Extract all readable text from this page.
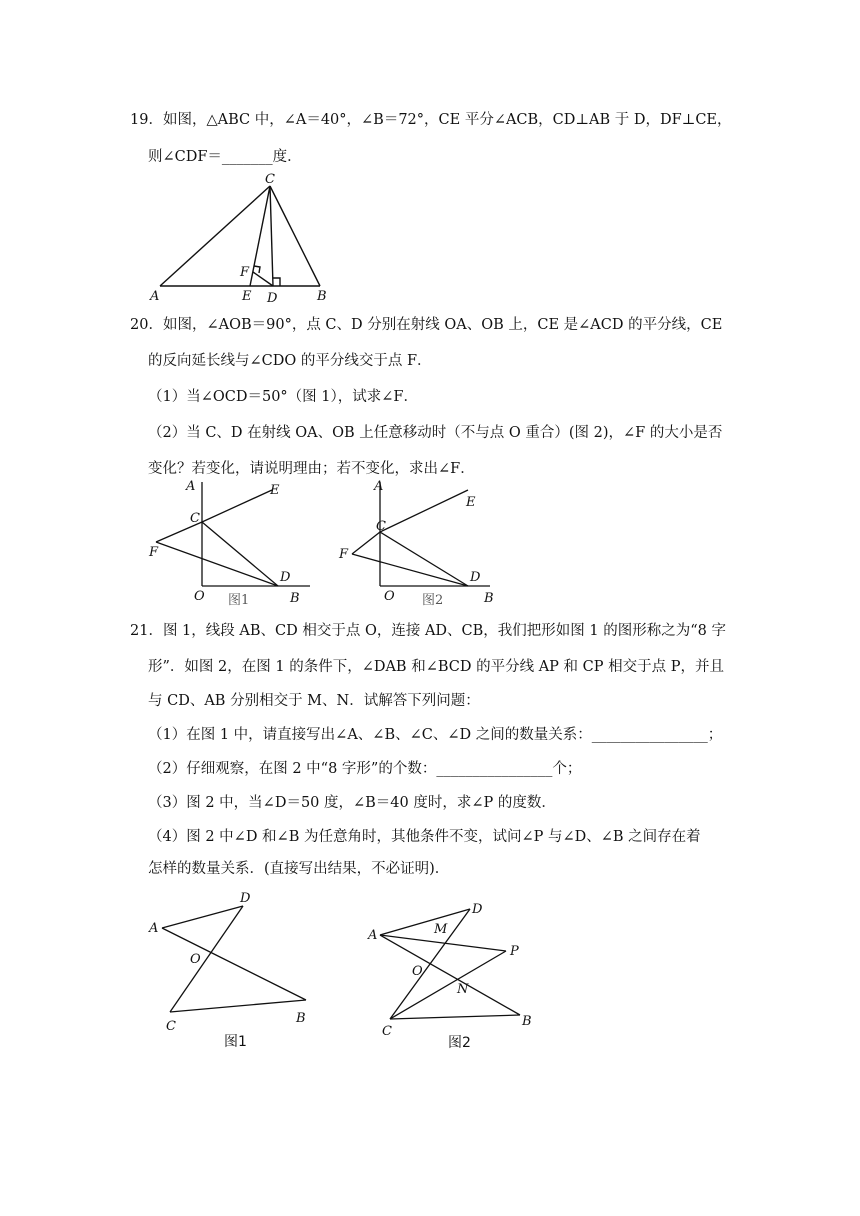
19．如图，△ABC 中，∠A＝40°，∠B＝72°，CE 平分∠ACB，CD⊥AB 于 D，DF⊥CE，
则∠CDF＝_______度．
C
A	E D	B
F
20．如图，∠AOB＝90°，点 C、D 分别在射线 OA、OB 上，CE 是∠ACD 的平分线，CE
的反向延长线与∠CDO 的平分线交于点 F．
（1）当∠OCD＝50°（图 1），试求∠F．
（2）当 C、D 在射线 OA、OB 上任意移动时（不与点 O 重合）(图 2)，∠F 的大小是否
变化？若变化，请说明理由；若不变化，求出∠F．
A	E
C
F
D
O	B
图1
A
E
C
F
D
O	B
图2
21．图 1，线段 AB、CD 相交于点 O，连接 AD、CB，我们把形如图 1 的图形称之为“8 字
形”．如图 2，在图 1 的条件下，∠DAB 和∠BCD 的平分线 AP 和 CP 相交于点 P，并且
与 CD、AB 分别相交于 M、N．试解答下列问题：
（1）在图 1 中，请直接写出∠A、∠B、∠C、∠D 之间的数量关系：________________；
（2）仔细观察，在图 2 中“8 字形”的个数：________________个；
（3）图 2 中，当∠D＝50 度，∠B＝40 度时，求∠P 的度数．
（4）图 2 中∠D 和∠B 为任意角时，其他条件不变，试问∠P 与∠D、∠B 之间存在着
怎样的数量关系．(直接写出结果，不必证明)．
A
D
O
C
B
图1
A
D
M
P
O
N
C
B
图2
